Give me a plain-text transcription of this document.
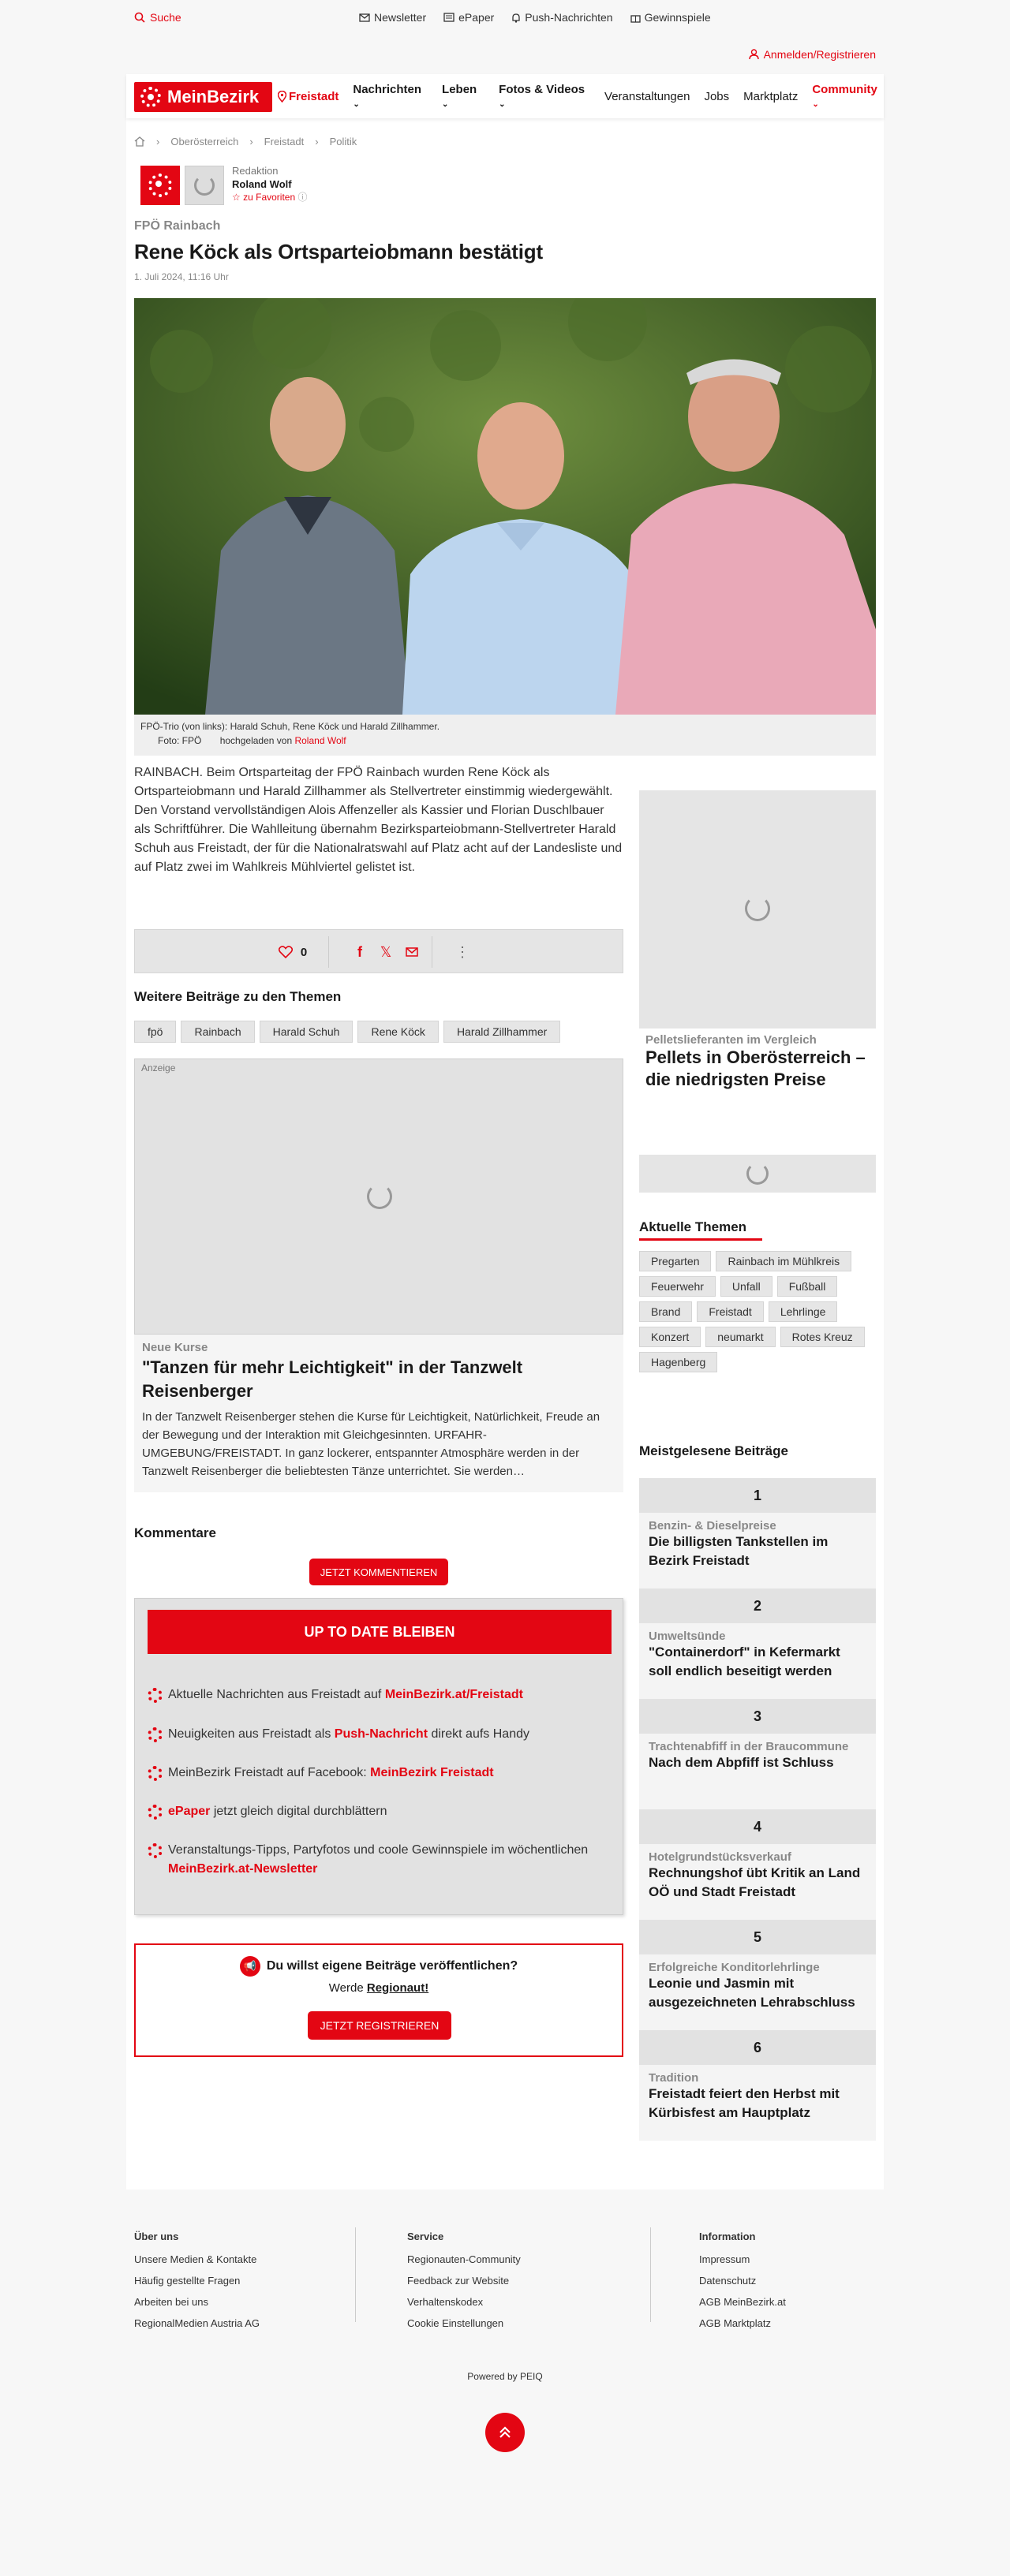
Suche	Newsletter	ePaper	Push-Nachrichten	Gewinnspiele
Anmelden/Registrieren
MeinBezirk	Freistadt Nachrichten ⌄
Leben ⌄
Fotos & Videos ⌄
Veranstaltungen Jobs Marktplatz Community ⌄
› Oberösterreich › Freistadt › Politik
Redaktion
Roland Wolf
☆ zu Favoriten ⓘ
FPÖ Rainbach
Rene Köck als Ortsparteiobmann bestätigt
1. Juli 2024, 11:16 Uhr
FPÖ-Trio (von links): Harald Schuh, Rene Köck und Harald Zillhammer.
Foto: FPÖ hochgeladen von Roland Wolf

RAINBACH. Beim Ortsparteitag der FPÖ Rainbach wurden Rene Köck als Ortsparteiobmann und Harald Zillhammer als Stellvertreter einstimmig wiedergewählt. Den Vorstand vervollständigen Alois Affenzeller als Kassier und Florian Duschlbauer als Schriftführer. Die Wahlleitung übernahm Bezirksparteiobmann-Stellvertreter Harald Schuh aus Freistadt, der für die Nationalratswahl auf Platz acht auf der Landesliste und auf Platz zwei im Wahlkreis Mühlviertel gelistet ist.

0	f 𝕏	⋮
Weitere Beiträge zu den Themen
fpö	Rainbach	Harald Schuh	Rene Köck	Harald Zillhammer
Anzeige
Neue Kurse
"Tanzen für mehr Leichtigkeit" in der Tanzwelt Reisenberger
In der Tanzwelt Reisenberger stehen die Kurse für Leichtigkeit, Natürlichkeit, Freude an der Bewegung und der Interaktion mit Gleichgesinnten. URFAHR-UMGEBUNG/FREISTADT. In ganz lockerer, entspannter Atmosphäre werden in der Tanzwelt Reisenberger die beliebtesten Tänze unterrichtet. Sie werden…
Kommentare
JETZT KOMMENTIEREN
UP TO DATE BLEIBEN
Aktuelle Nachrichten aus Freistadt auf MeinBezirk.at/Freistadt
Neuigkeiten aus Freistadt als Push-Nachricht direkt aufs Handy
MeinBezirk Freistadt auf Facebook: MeinBezirk Freistadt
ePaper jetzt gleich digital durchblättern
Veranstaltungs-Tipps, Partyfotos und coole Gewinnspiele im wöchentlichen MeinBezirk.at-Newsletter
📢 Du willst eigene Beiträge veröffentlichen?
Werde Regionaut!
JETZT REGISTRIEREN
Pelletslieferanten im Vergleich
Pellets in Oberösterreich – die niedrigsten Preise
Aktuelle Themen
Pregarten	Rainbach im Mühlkreis
Feuerwehr	Unfall	Fußball
Brand	Freistadt	Lehrlinge
Konzert	neumarkt	Rotes Kreuz
Hagenberg
Meistgelesene Beiträge
1
Benzin- & Dieselpreise
Die billigsten Tankstellen im Bezirk Freistadt
2
Umweltsünde
"Containerdorf" in Kefermarkt soll endlich beseitigt werden
3
Trachtenabfiff in der Braucommune
Nach dem Abpfiff ist Schluss
4
Hotelgrundstücksverkauf
Rechnungshof übt Kritik an Land OÖ und Stadt Freistadt
5
Erfolgreiche Konditorlehrlinge
Leonie und Jasmin mit ausgezeichneten Lehrabschluss
6
Tradition
Freistadt feiert den Herbst mit Kürbisfest am Hauptplatz
Über uns
Unsere Medien & Kontakte
Häufig gestellte Fragen
Arbeiten bei uns
RegionalMedien Austria AG
Service
Regionauten-Community
Feedback zur Website
Verhaltenskodex
Cookie Einstellungen
Information
Impressum
Datenschutz
AGB MeinBezirk.at
AGB Marktplatz
Powered by PEIQ
